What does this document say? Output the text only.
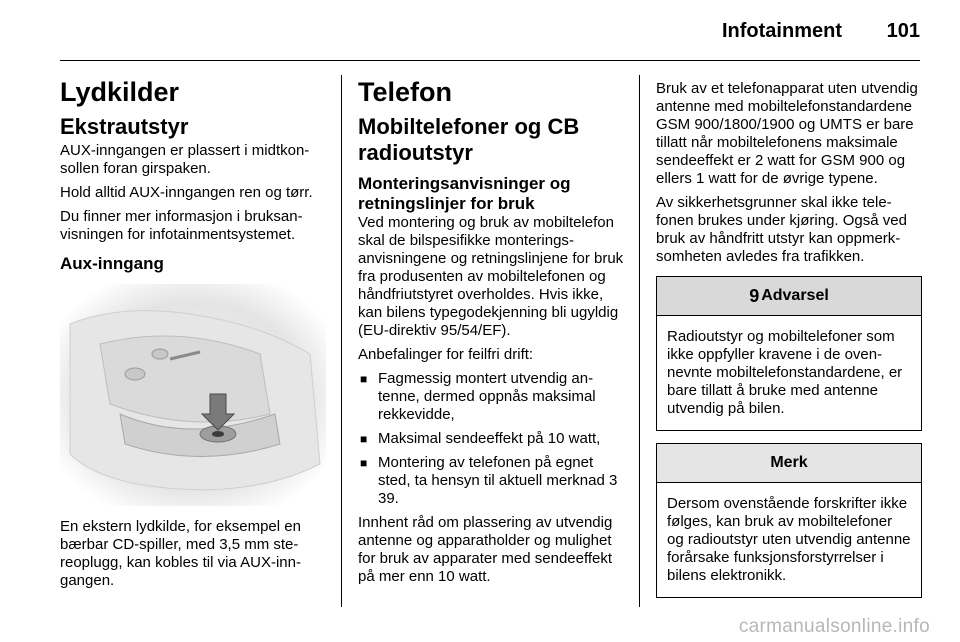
Infotainment 101
Lydkilder
Ekstrautstyr

AUX-inngangen er plassert i midtkonsollen foran girspaken.

Hold alltid AUX-inngangen ren og tørr.

Du finner mer informasjon i bruksanvisningen for infotainmentsystemet.

Aux-inngang

En ekstern lydkilde, for eksempel en bærbar CD-spiller, med 3,5 mm stereoplugg, kan kobles til via AUX-inngangen.

Telefon
Mobiltelefoner og CB radioutstyr
Monteringsanvisninger og retningslinjer for bruk

Ved montering og bruk av mobiltelefon skal de bilspesifikke monteringsanvisningene og retningslinjene for bruk fra produsenten av mobiltelefonen og håndfriutstyret overholdes. Hvis ikke, kan bilens typegodekjenning bli ugyldig (EU-direktiv 95/54/EF).

Anbefalinger for feilfri drift:

■ Fagmessig montert utvendig antenne, dermed oppnås maksimal rekkevidde,
■ Maksimal sendeeffekt på 10 watt,
■ Montering av telefonen på egnet sted, ta hensyn til aktuell merknad 3 39.

Innhent råd om plassering av utvendig antenne og apparatholder og mulighet for bruk av apparater med sendeeffekt på mer enn 10 watt.

Bruk av et telefonapparat uten utvendig antenne med mobiltelefonstandardene GSM 900/1800/1900 og UMTS er bare tillatt når mobiltelefonens maksimale sendeeffekt er 2 watt for GSM 900 og ellers 1 watt for de øvrige typene.

Av sikkerhetsgrunner skal ikke telefonen brukes under kjøring. Også ved bruk av håndfritt utstyr kan oppmerksomheten avledes fra trafikken.

9 Advarsel

Radioutstyr og mobiltelefoner som ikke oppfyller kravene i de ovennevnte mobiltelefonstandardene, er bare tillatt å bruke med antenne utvendig på bilen.

Merk

Dersom ovenstående forskrifter ikke følges, kan bruk av mobiltelefoner og radioutstyr uten utvendig antenne forårsake funksjonsforstyrrelser i bilens elektronikk.

carmanualsonline.info
